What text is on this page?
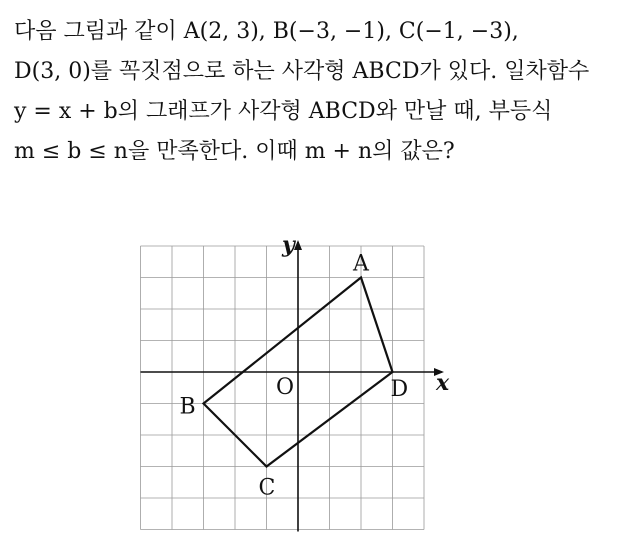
다음 그림과 같이 A(2, 3), B(−3, −1), C(−1, −3),
D(3, 0)를 꼭짓점으로 하는 사각형 ABCD가 있다. 일차함수
y = x + b의 그래프가 사각형 ABCD와 만날 때, 부등식
m ≤ b ≤ n을 만족한다. 이때 m + n의 값은?
x
y
O
A
B
C
D
